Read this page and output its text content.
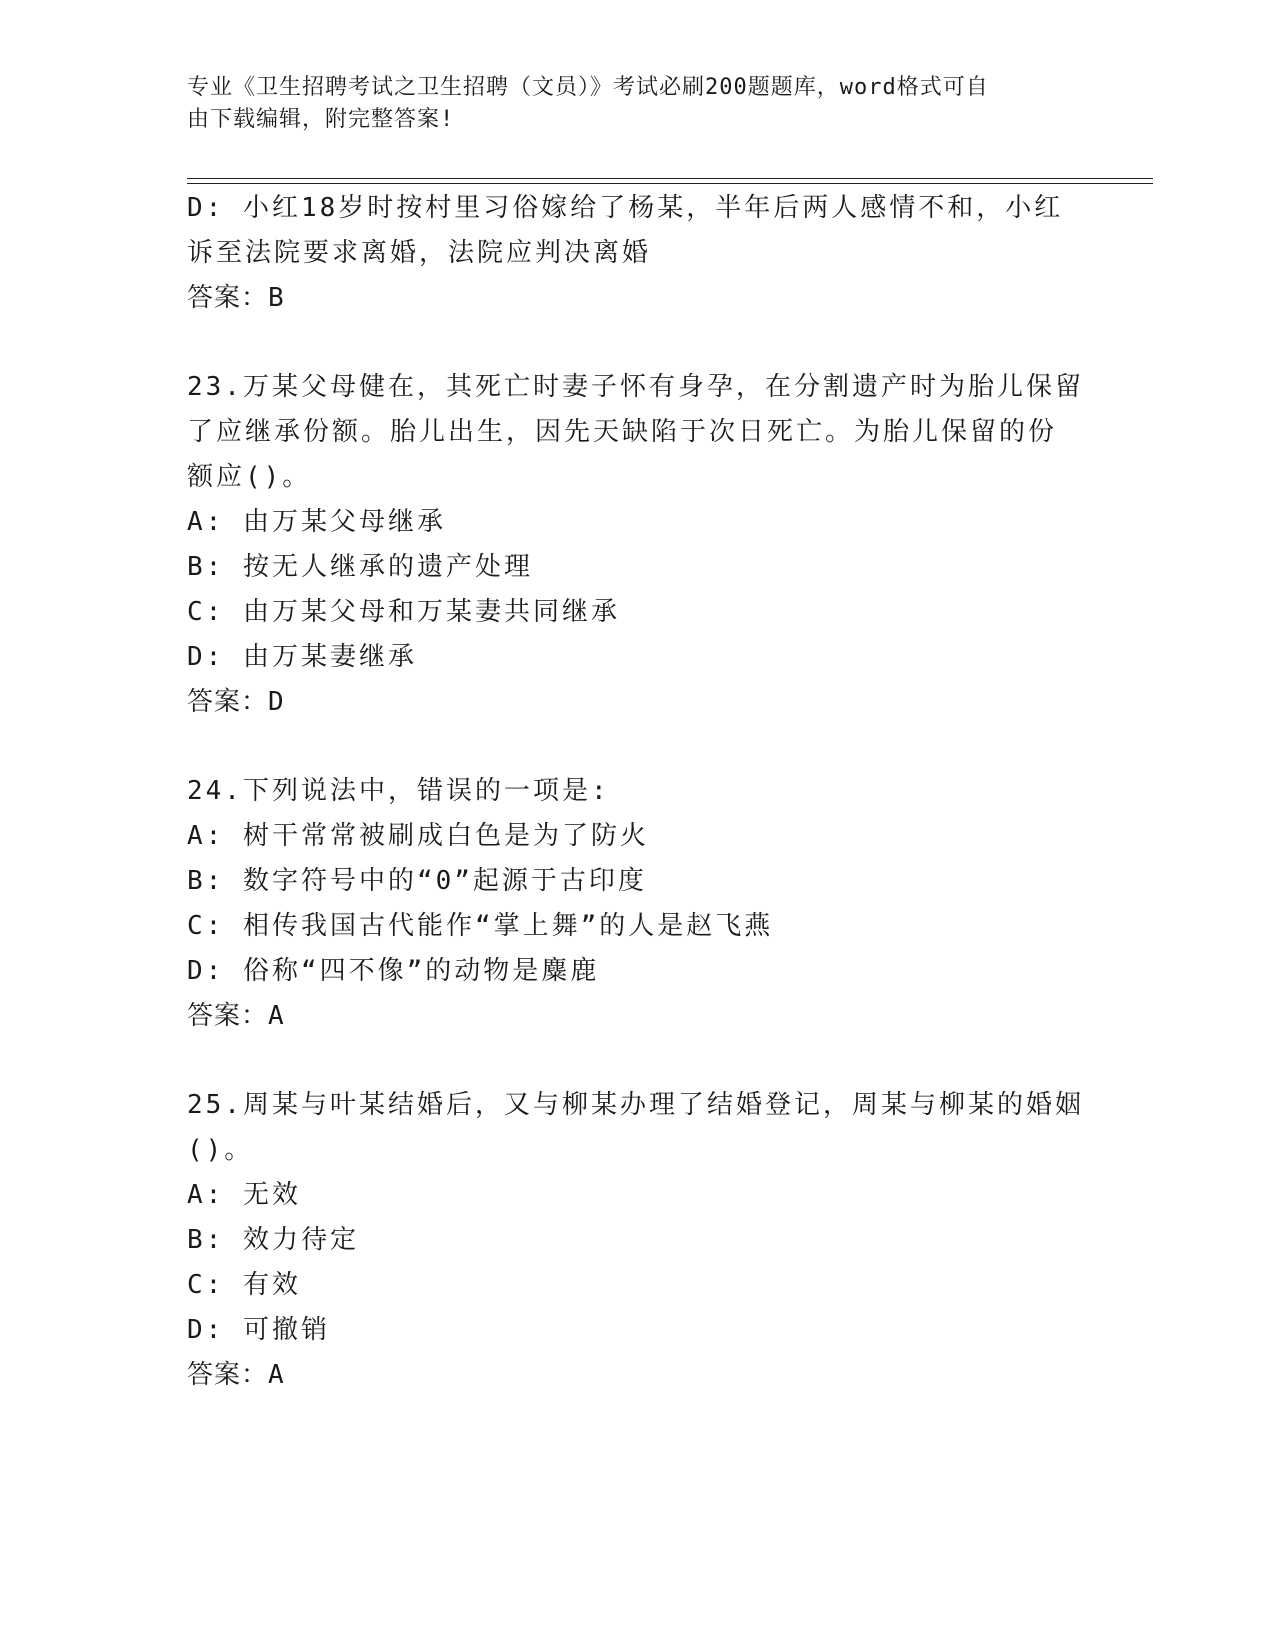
专业《卫生招聘考试之卫生招聘（文员）》考试必刷200题题库，word格式可自
由下载编辑，附完整答案!
D: 小红18岁时按村里习俗嫁给了杨某，半年后两人感情不和，小红
诉至法院要求离婚，法院应判决离婚
答案：B
23.万某父母健在，其死亡时妻子怀有身孕，在分割遗产时为胎儿保留
了应继承份额。胎儿出生，因先天缺陷于次日死亡。为胎儿保留的份
额应()。
A: 由万某父母继承
B: 按无人继承的遗产处理
C: 由万某父母和万某妻共同继承
D: 由万某妻继承
答案：D
24.下列说法中，错误的一项是:
A: 树干常常被刷成白色是为了防火
B: 数字符号中的“0”起源于古印度
C: 相传我国古代能作“掌上舞”的人是赵飞燕
D: 俗称“四不像”的动物是麋鹿
答案：A
25.周某与叶某结婚后，又与柳某办理了结婚登记，周某与柳某的婚姻
()。
A: 无效
B: 效力待定
C: 有效
D: 可撤销
答案：A
